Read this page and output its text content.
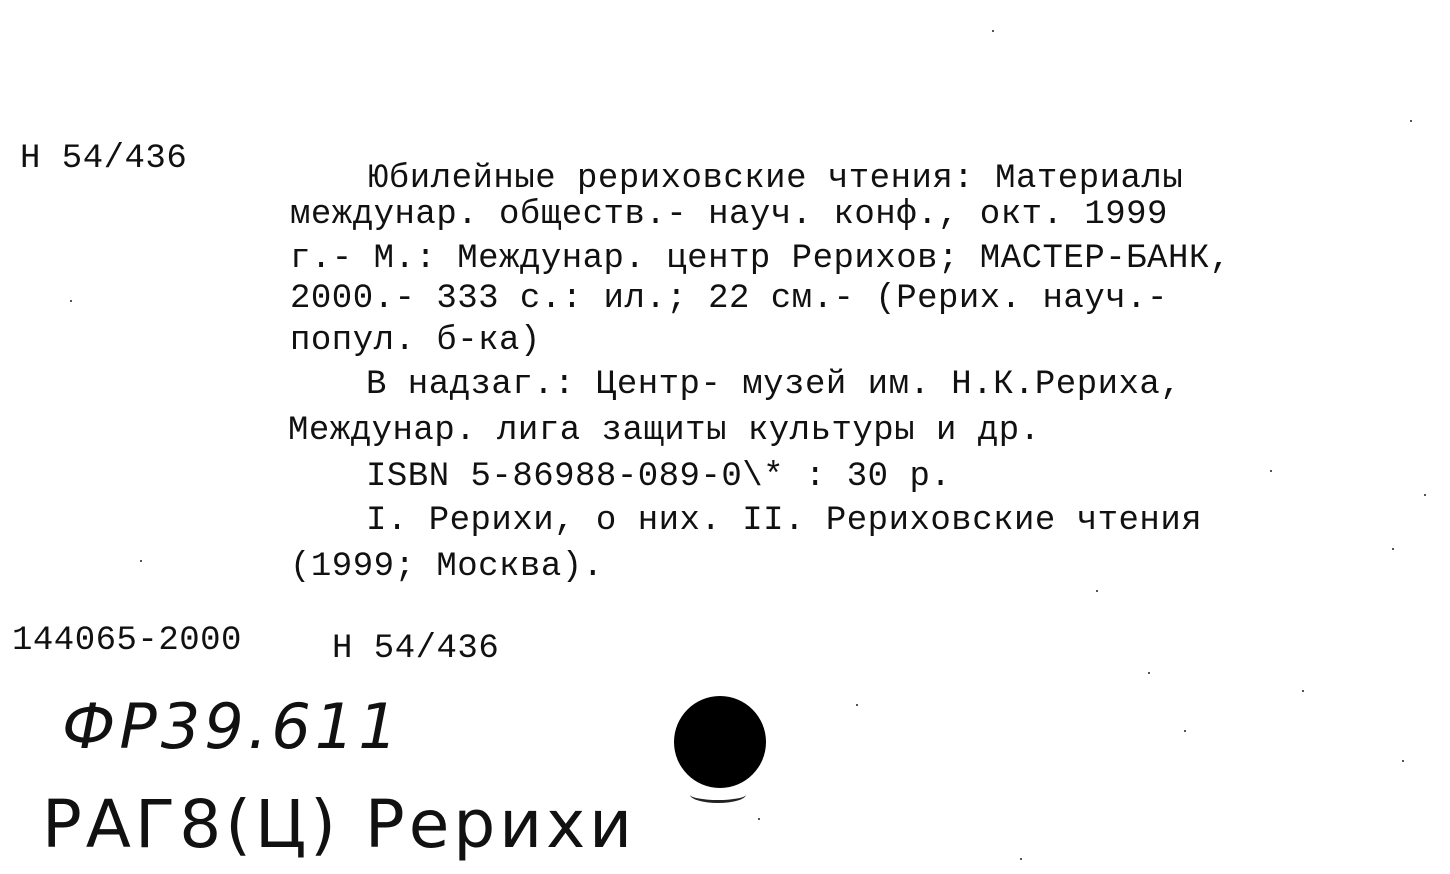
Н 54/436
Юбилейные рериховские чтения: Материалы
междунар. обществ.- науч. конф., окт. 1999
г.- М.: Междунар. центр Рерихов; МАСТЕР-БАНК,
2000.- 333 с.: ил.; 22 см.- (Рерих. науч.-
попул. б-ка)
В надзаг.: Центр- музей им. Н.К.Рериха,
Междунар. лига защиты культуры и др.
ISBN 5-86988-089-0\* : 30 р.
I. Рерихи, о них. II. Рериховские чтения
(1999; Москва).
144065-2000	Н 54/436
ФР39.611
РАГ8(Ц) Рерихи
